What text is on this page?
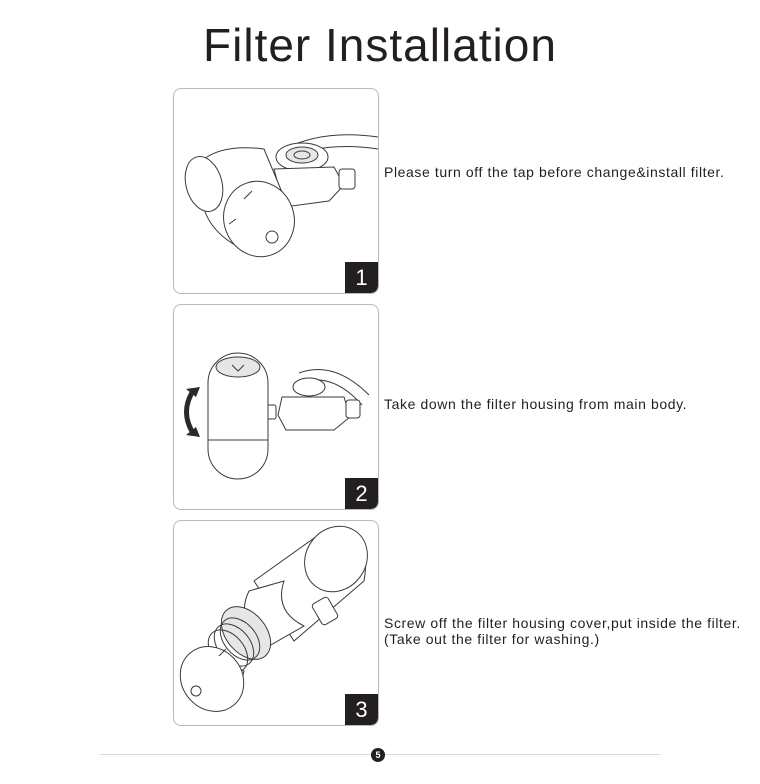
Filter Installation
1
Please turn off the tap before change&install filter.
2
Take down the filter housing from main body.
3
Screw off the filter housing cover,put inside the filter.
(Take out the filter for washing.)
5
